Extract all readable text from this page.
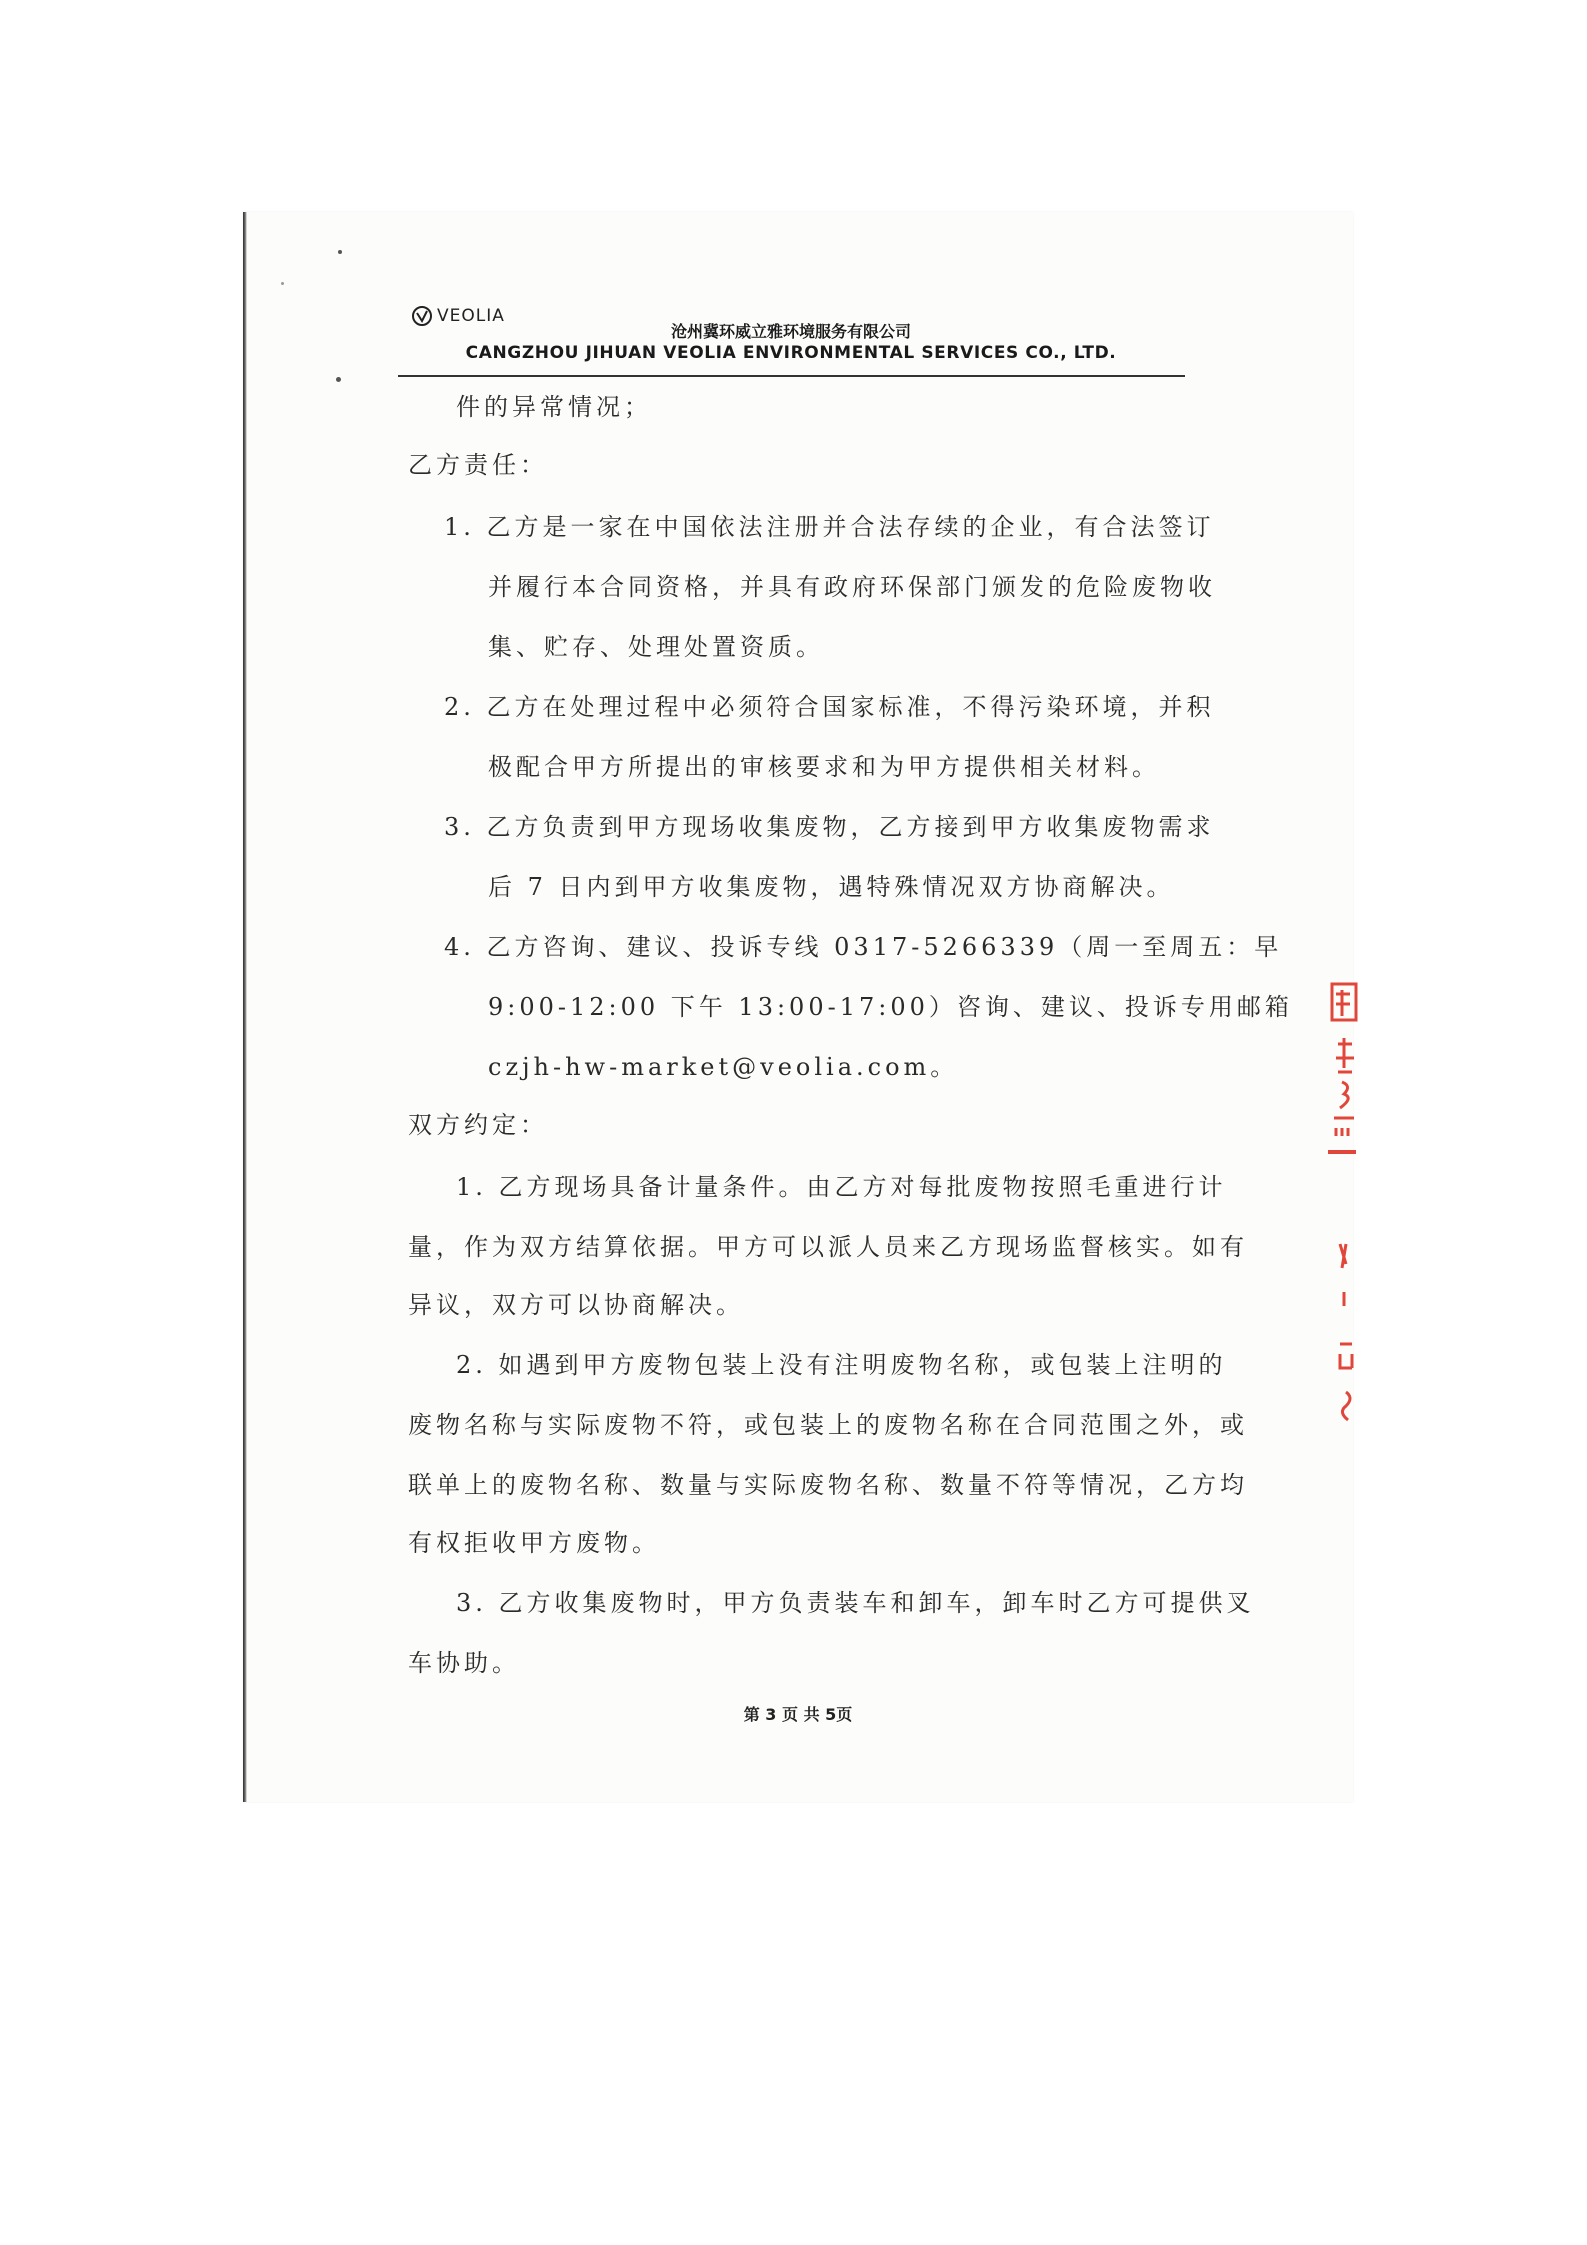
VEOLIA
沧州冀环威立雅环境服务有限公司
CANGZHOU JIHUAN VEOLIA ENVIRONMENTAL SERVICES CO., LTD.
件的异常情况；
乙方责任：
1. 乙方是一家在中国依法注册并合法存续的企业，有合法签订
并履行本合同资格，并具有政府环保部门颁发的危险废物收
集、贮存、处理处置资质。
2. 乙方在处理过程中必须符合国家标准，不得污染环境，并积
极配合甲方所提出的审核要求和为甲方提供相关材料。
3. 乙方负责到甲方现场收集废物，乙方接到甲方收集废物需求
后 7 日内到甲方收集废物，遇特殊情况双方协商解决。
4. 乙方咨询、建议、投诉专线 0317-5266339（周一至周五：早
9:00-12:00 下午 13:00-17:00）咨询、建议、投诉专用邮箱
czjh-hw-market@veolia.com。
双方约定：
1. 乙方现场具备计量条件。由乙方对每批废物按照毛重进行计
量，作为双方结算依据。甲方可以派人员来乙方现场监督核实。如有
异议，双方可以协商解决。
2. 如遇到甲方废物包装上没有注明废物名称，或包装上注明的
废物名称与实际废物不符，或包装上的废物名称在合同范围之外，或
联单上的废物名称、数量与实际废物名称、数量不符等情况，乙方均
有权拒收甲方废物。
3. 乙方收集废物时，甲方负责装车和卸车，卸车时乙方可提供叉
车协助。
第 3 页 共 5页
